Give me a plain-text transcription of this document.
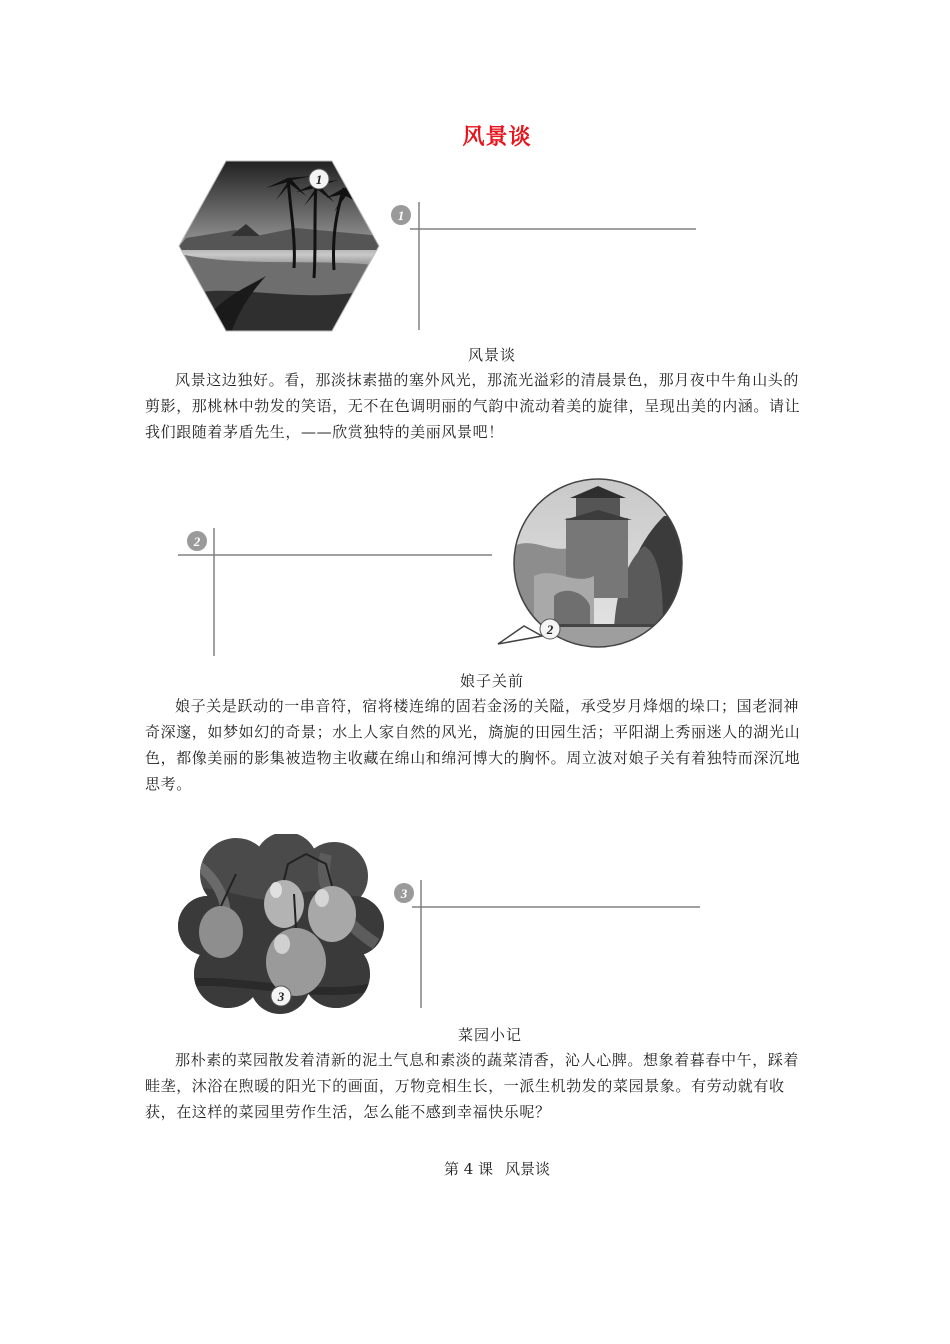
风景谈
1
1
风景谈

风景这边独好。看，那淡抹素描的塞外风光，那流光溢彩的清晨景色，那月夜中牛角山头的剪影，那桃林中勃发的笑语，无不在色调明丽的气韵中流动着美的旋律，呈现出美的内涵。请让我们跟随着茅盾先生，——欣赏独特的美丽风景吧！

2
2
娘子关前

娘子关是跃动的一串音符，宿将楼连绵的固若金汤的关隘，承受岁月烽烟的垛口；国老洞神奇深邃，如梦如幻的奇景；水上人家自然的风光，旖旎的田园生活；平阳湖上秀丽迷人的湖光山色，都像美丽的影集被造物主收藏在绵山和绵河博大的胸怀。周立波对娘子关有着独特而深沉地思考。

3
3
菜园小记

那朴素的菜园散发着清新的泥土气息和素淡的蔬菜清香，沁人心脾。想象着暮春中午，踩着畦垄，沐浴在煦暖的阳光下的画面，万物竞相生长，一派生机勃发的菜园景象。有劳动就有收获，在这样的菜园里劳作生活，怎么能不感到幸福快乐呢？

第 4 课 风景谈
